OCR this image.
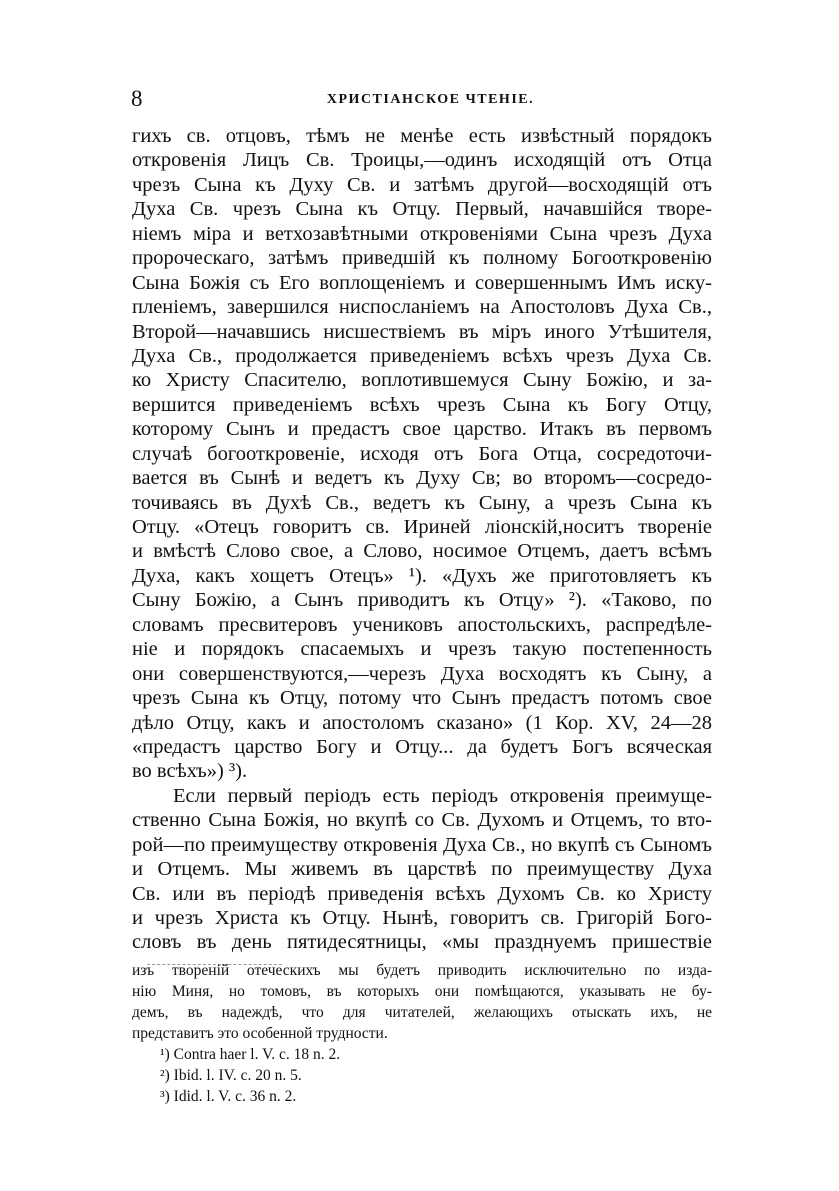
8	ХРИСТІАНСКОЕ ЧТЕНІЕ.
гихъ св. отцовъ, тѣмъ не менѣе есть извѣстный порядокъ
откровенія Лицъ Св. Троицы,—одинъ исходящій отъ Отца
чрезъ Сына къ Духу Св. и затѣмъ другой—восходящій отъ
Духа Св. чрезъ Сына къ Отцу. Первый, начавшійся творе-
ніемъ міра и ветхозавѣтными откровеніями Сына чрезъ Духа
пророческаго, затѣмъ приведшій къ полному Богооткровенію
Сына Божія съ Его воплощеніемъ и совершеннымъ Имъ иску-
пленіемъ, завершился ниспосланіемъ на Апостоловъ Духа Св.,
Второй—начавшись нисшествіемъ въ міръ иного Утѣшителя,
Духа Св., продолжается приведеніемъ всѣхъ чрезъ Духа Св.
ко Христу Спасителю, воплотившемуся Сыну Божію, и за-
вершится приведеніемъ всѣхъ чрезъ Сына къ Богу Отцу,
которому Сынъ и предастъ свое царство. Итакъ въ первомъ
случаѣ богооткровеніе, исходя отъ Бога Отца, сосредоточи-
вается въ Сынѣ и ведетъ къ Духу Св; во второмъ—сосредо-
точиваясь въ Духѣ Св., ведетъ къ Сыну, а чрезъ Сына къ
Отцу. «Отецъ говоритъ св. Ириней ліонскій,носитъ твореніе
и вмѣстѣ Слово свое, а Слово, носимое Отцемъ, даетъ всѣмъ
Духа, какъ хощетъ Отецъ» ¹). «Духъ же приготовляетъ къ
Сыну Божію, а Сынъ приводитъ къ Отцу» ²). «Таково, по
словамъ пресвитеровъ учениковъ апостольскихъ, распредѣле-
ніе и порядокъ спасаемыхъ и чрезъ такую постепенность
они совершенствуются,—черезъ Духа восходятъ къ Сыну, а
чрезъ Сына къ Отцу, потому что Сынъ предастъ потомъ свое
дѣло Отцу, какъ и апостоломъ сказано» (1 Кор. XV, 24—28
«предастъ царство Богу и Отцу... да будетъ Богъ всяческая
во всѣхъ») ³).
Если первый періодъ есть періодъ откровенія преимуще-
ственно Сына Божія, но вкупѣ со Св. Духомъ и Отцемъ, то вто-
рой—по преимуществу откровенія Духа Св., но вкупѣ съ Сыномъ
и Отцемъ. Мы живемъ въ царствѣ по преимуществу Духа
Св. или въ періодѣ приведенія всѣхъ Духомъ Св. ко Христу
и чрезъ Христа къ Отцу. Нынѣ, говоритъ св. Григорій Бого-
словъ въ день пятидесятницы, «мы празднуемъ пришествіе
изъ твореній отеческихъ мы будетъ приводить исключительно по изда-
нію Миня, но томовъ, въ которыхъ они помѣщаются, указывать не бу-
демъ, въ надеждѣ, что для читателей, желающихъ отыскать ихъ, не
представитъ это особенной трудности.
¹) Contra haer l. V. c. 18 n. 2.
²) Ibid. l. IV. c. 20 n. 5.
³) Idid. l. V. c. 36 n. 2.
